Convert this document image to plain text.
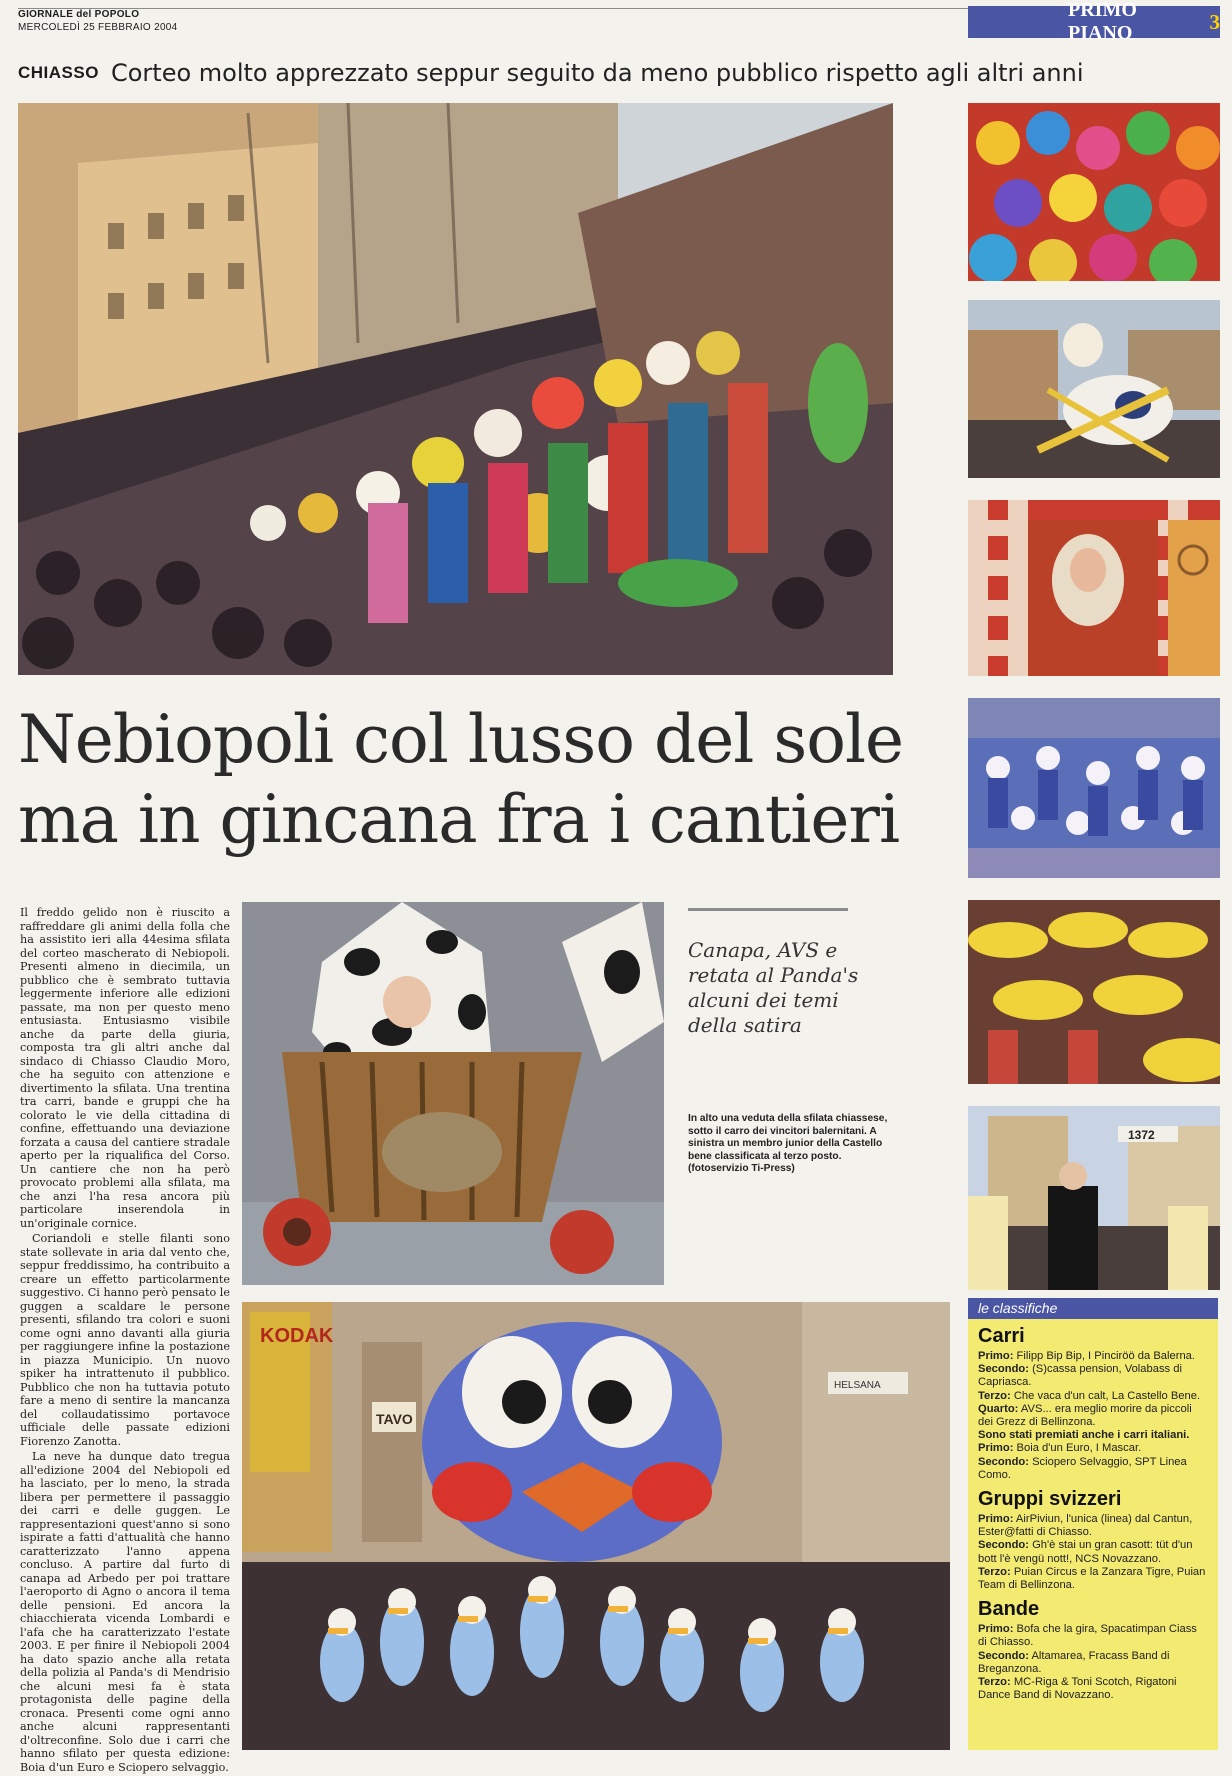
GIORNALE del POPOLO
MERCOLEDÌ 25 FEBBRAIO 2004
PRIMO PIANO	3
CHIASSO Corteo molto apprezzato seppur seguito da meno pubblico rispetto agli altri anni
1372
Nebiopoli col lusso del sole
ma in gincana fra i cantieri

Il freddo gelido non è riuscito a raffreddare gli animi della folla che ha assistito ieri alla 44esima sfilata del corteo mascherato di Nebiopoli. Presenti almeno in diecimila, un pubblico che è sembrato tuttavia leggermente inferiore alle edizioni passate, ma non per questo meno entusiasta. Entusiasmo visibile anche da parte della giuria, composta tra gli altri anche dal sindaco di Chiasso Claudio Moro, che ha seguito con attenzione e divertimento la sfilata. Una trentina tra carri, bande e gruppi che ha colorato le vie della cittadina di confine, effettuando una deviazione forzata a causa del cantiere stradale aperto per la riqualifica del Corso. Un cantiere che non ha però provocato problemi alla sfilata, ma che anzi l'ha resa ancora più particolare inserendola in un'originale cornice.

Coriandoli e stelle filanti sono state sollevate in aria dal vento che, seppur freddissimo, ha contribuito a creare un effetto particolarmente suggestivo. Ci hanno però pensato le guggen a scaldare le persone presenti, sfilando tra colori e suoni come ogni anno davanti alla giuria per raggiungere infine la postazione in piazza Municipio. Un nuovo spiker ha intrattenuto il pubblico. Pubblico che non ha tuttavia potuto fare a meno di sentire la mancanza del collaudatissimo portavoce ufficiale delle passate edizioni Fiorenzo Zanotta.

La neve ha dunque dato tregua all'edizione 2004 del Nebiopoli ed ha lasciato, per lo meno, la strada libera per permettere il passaggio dei carri e delle guggen. Le rappresentazioni quest'anno si sono ispirate a fatti d'attualità che hanno caratterizzato l'anno appena concluso. A partire dal furto di canapa ad Arbedo per poi trattare l'aeroporto di Agno o ancora il tema delle pensioni. Ed ancora la chiacchierata vicenda Lombardi e l'afa che ha caratterizzato l'estate 2003. E per finire il Nebiopoli 2004 ha dato spazio anche alla retata della polizia al Panda's di Mendrisio che alcuni mesi fa è stata protagonista delle pagine della cronaca. Presenti come ogni anno anche alcuni rappresentanti d'oltreconfine. Solo due i carri che hanno sfilato per questa edizione: Boia d'un Euro e Sciopero selvaggio.

Canapa, AVS e retata al Panda's alcuni dei temi della satira
In alto una veduta della sfilata chiassese, sotto il carro dei vincitori balernitani. A sinistra un membro junior della Castello bene classificata al terzo posto. (fotoservizio Ti-Press)
KODAK
TAVO
HELSANA
le classifiche
Carri
Primo: Filipp Bip Bip, I Pinciröö da Balerna.
Secondo: (S)cassa pension, Volabass di Capriasca.
Terzo: Che vaca d'un calt, La Castello Bene.
Quarto: AVS... era meglio morire da piccoli dei Grezz di Bellinzona.
Sono stati premiati anche i carri italiani.
Primo: Boia d'un Euro, I Mascar.
Secondo: Sciopero Selvaggio, SPT Linea Como.
Gruppi svizzeri
Primo: AirPiviun, l'unica (linea) dal Cantun, Ester@fatti di Chiasso.
Secondo: Gh'è stai un gran casott: tüt d'un bott l'è vengü nott!, NCS Novazzano.
Terzo: Puian Circus e la Zanzara Tigre, Puian Team di Bellinzona.
Bande
Primo: Bofa che la gira, Spacatimpan Ciass di Chiasso.
Secondo: Altamarea, Fracass Band di Breganzona.
Terzo: MC-Riga & Toni Scotch, Rigatoni Dance Band di Novazzano.
